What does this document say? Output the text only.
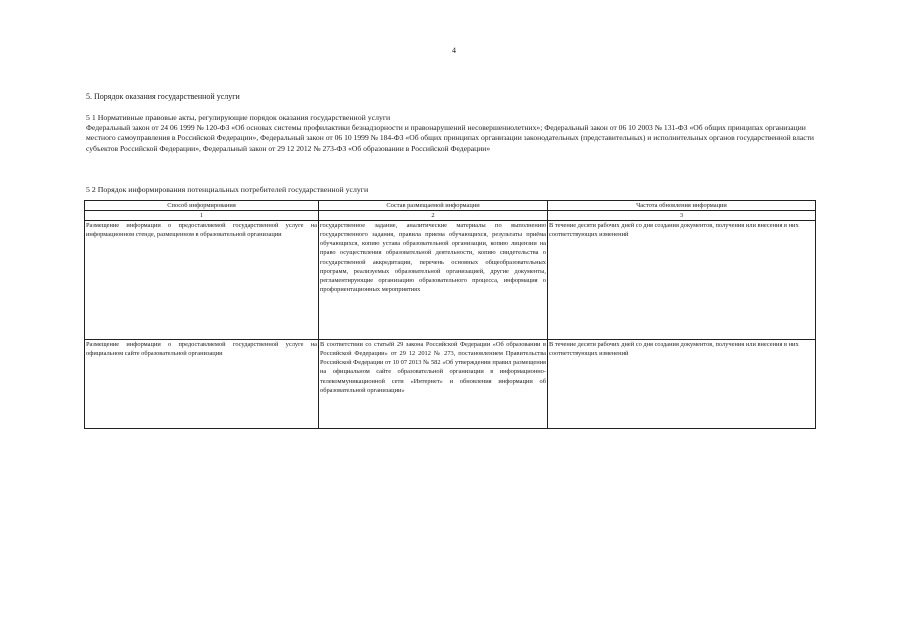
4
5. Порядок оказания государственной услуги
5 1 Нормативные правовые акты, регулирующие порядок оказания государственной услуги
Федеральный закон от 24 06 1999 № 120-ФЗ «Об основах системы профилактики безнадзорности и правонарушений несовершеннолетних»; Федеральный закон от 06 10 2003 № 131-ФЗ «Об общих принципах организации местного самоуправления в Российской Федерации», Федеральный закон от 06 10 1999 № 184-ФЗ «Об общих принципах организации законодательных (представительных) и исполнительных органов государственной власти субъектов Российской Федерации», Федеральный закон от 29 12 2012 № 273-ФЗ «Об образовании в Российской Федерации»
5 2 Порядок информирования потенциальных потребителей государственной услуги
Способ информирования	Состав размещаемой информации	Частота обновления информации
1	2	3
Размещение информации о предоставляемой государственной услуге на информационном стенде, размещенном в образовательной организации	государственное задание, аналитические материалы по выполнению государственного задания, правила приема обучающихся, результаты приёма обучающихся, копию устава образовательной организации, копию лицензии на право осуществления образовательной деятельности, копию свидетельства о государственной аккредитации, перечень основных общеобразовательных программ, реализуемых образовательной организацией, другие документы, регламентирующие организацию образовательного процесса, информация о профориентационных мероприятиях	В течение десяти рабочих дней со дня создания документов, получения или внесения в них соответствующих изменений
Размещение информации о предоставляемой государственной услуге на официальном сайте образовательной организации	В соответствии со статьёй 29 закона Российской Федерации «Об образовании в Российской Федерации» от 29 12 2012 № 273, постановлением Правительства Российской Федерации от 10 07 2013 № 582 «Об утверждении правил размещения на официальном сайте образовательной организации в информационно-телекоммуникационной сети «Интернет» и обновления информации об образовательной организации»	В течение десяти рабочих дней со дня создания документов, получения или внесения в них соответствующих изменений
